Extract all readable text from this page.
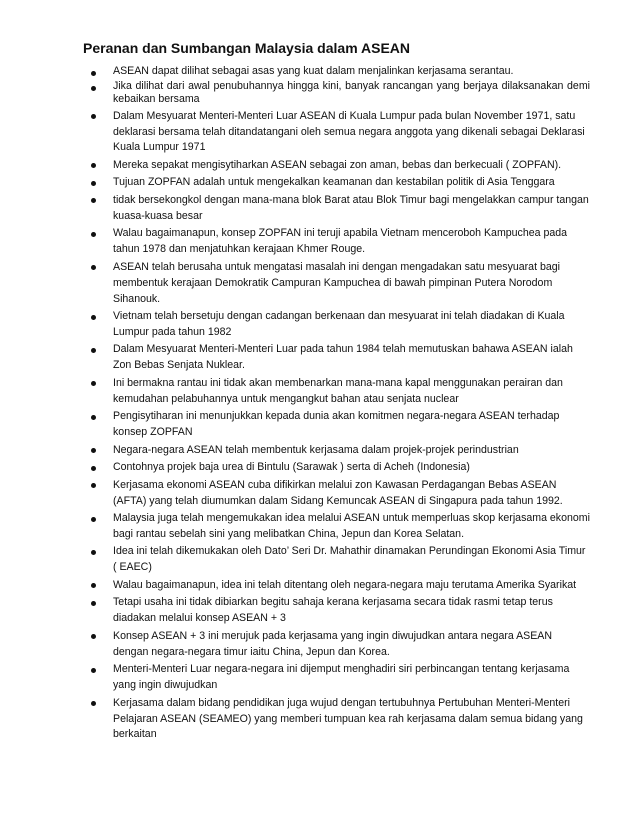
Peranan dan Sumbangan Malaysia dalam ASEAN
ASEAN dapat dilihat sebagai asas yang kuat dalam menjalinkan kerjasama serantau.
Jika dilihat dari awal penubuhannya hingga kini, banyak rancangan yang berjaya dilaksanakan demi kebaikan bersama
Dalam Mesyuarat Menteri-Menteri Luar ASEAN di Kuala Lumpur pada bulan November 1971, satu deklarasi bersama telah ditandatangani oleh semua negara anggota yang dikenali sebagai Deklarasi Kuala Lumpur 1971
Mereka sepakat mengisytiharkan ASEAN sebagai zon aman, bebas dan berkecuali ( ZOPFAN).
Tujuan ZOPFAN adalah untuk mengekalkan keamanan dan kestabilan politik di Asia Tenggara
tidak bersekongkol dengan mana-mana blok Barat atau Blok Timur bagi mengelakkan campur tangan kuasa-kuasa besar
Walau bagaimanapun, konsep ZOPFAN ini teruji apabila Vietnam menceroboh Kampuchea pada tahun 1978 dan menjatuhkan kerajaan Khmer Rouge.
ASEAN telah berusaha untuk mengatasi masalah ini dengan mengadakan satu mesyuarat bagi membentuk kerajaan Demokratik Campuran Kampuchea di bawah pimpinan Putera Norodom Sihanouk.
Vietnam telah bersetuju dengan cadangan berkenaan dan mesyuarat ini telah diadakan di Kuala Lumpur pada tahun 1982
Dalam Mesyuarat Menteri-Menteri Luar pada tahun 1984 telah memutuskan bahawa ASEAN ialah Zon Bebas Senjata Nuklear.
Ini bermakna rantau ini tidak akan membenarkan mana-mana kapal menggunakan perairan dan kemudahan pelabuhannya untuk mengangkut bahan atau senjata nuclear
Pengisytiharan ini menunjukkan kepada dunia akan komitmen negara-negara ASEAN terhadap konsep ZOPFAN
Negara-negara ASEAN telah membentuk kerjasama dalam projek-projek perindustrian
Contohnya projek baja urea di Bintulu (Sarawak ) serta di Acheh (Indonesia)
Kerjasama ekonomi ASEAN cuba difikirkan melalui zon Kawasan Perdagangan Bebas ASEAN (AFTA) yang telah diumumkan dalam Sidang Kemuncak ASEAN di Singapura pada tahun 1992.
Malaysia juga telah mengemukakan idea melalui ASEAN untuk memperluas skop kerjasama ekonomi bagi rantau sebelah sini yang melibatkan China, Jepun dan Korea Selatan.
Idea ini telah dikemukakan oleh Dato’ Seri Dr. Mahathir dinamakan Perundingan Ekonomi Asia Timur ( EAEC)
Walau bagaimanapun, idea ini telah ditentang oleh negara-negara maju terutama Amerika Syarikat
Tetapi usaha ini tidak dibiarkan begitu sahaja kerana kerjasama secara tidak rasmi tetap terus diadakan melalui konsep ASEAN + 3
Konsep ASEAN + 3 ini merujuk pada kerjasama yang ingin diwujudkan antara negara ASEAN dengan negara-negara timur iaitu China, Jepun dan Korea.
Menteri-Menteri Luar negara-negara ini dijemput menghadiri siri perbincangan tentang kerjasama yang ingin diwujudkan
Kerjasama dalam bidang pendidikan juga wujud dengan tertubuhnya Pertubuhan Menteri-Menteri Pelajaran ASEAN (SEAMEO) yang memberi tumpuan kea rah kerjasama dalam semua bidang yang berkaitan
